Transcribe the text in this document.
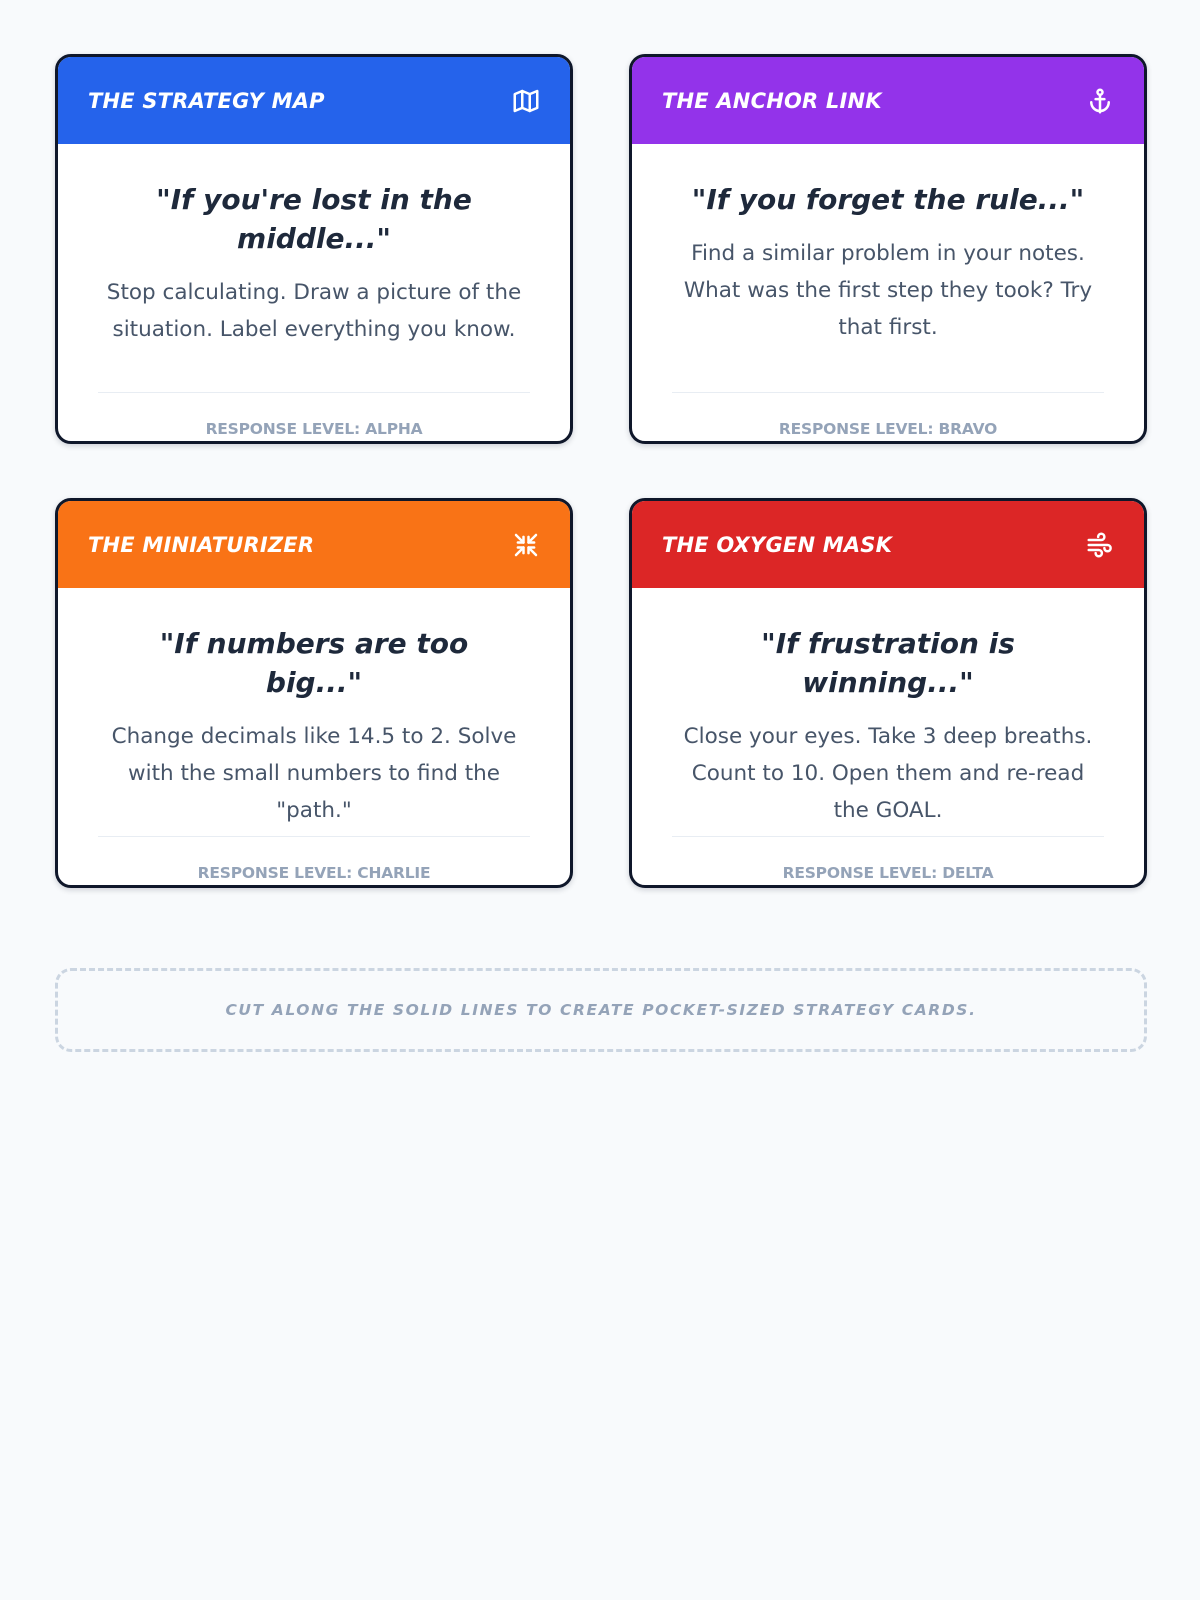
THE STRATEGY MAP
"If you're lost in the middle..."
Stop calculating. Draw a picture of the situation. Label everything you know.
RESPONSE LEVEL: ALPHA
THE ANCHOR LINK
"If you forget the rule..."
Find a similar problem in your notes. What was the first step they took? Try that first.
RESPONSE LEVEL: BRAVO
THE MINIATURIZER
"If numbers are too big..."
Change decimals like 14.5 to 2. Solve with the small numbers to find the "path."
RESPONSE LEVEL: CHARLIE
THE OXYGEN MASK
"If frustration is winning..."
Close your eyes. Take 3 deep breaths. Count to 10. Open them and re-read the GOAL.
RESPONSE LEVEL: DELTA
CUT ALONG THE SOLID LINES TO CREATE POCKET-SIZED STRATEGY CARDS.
